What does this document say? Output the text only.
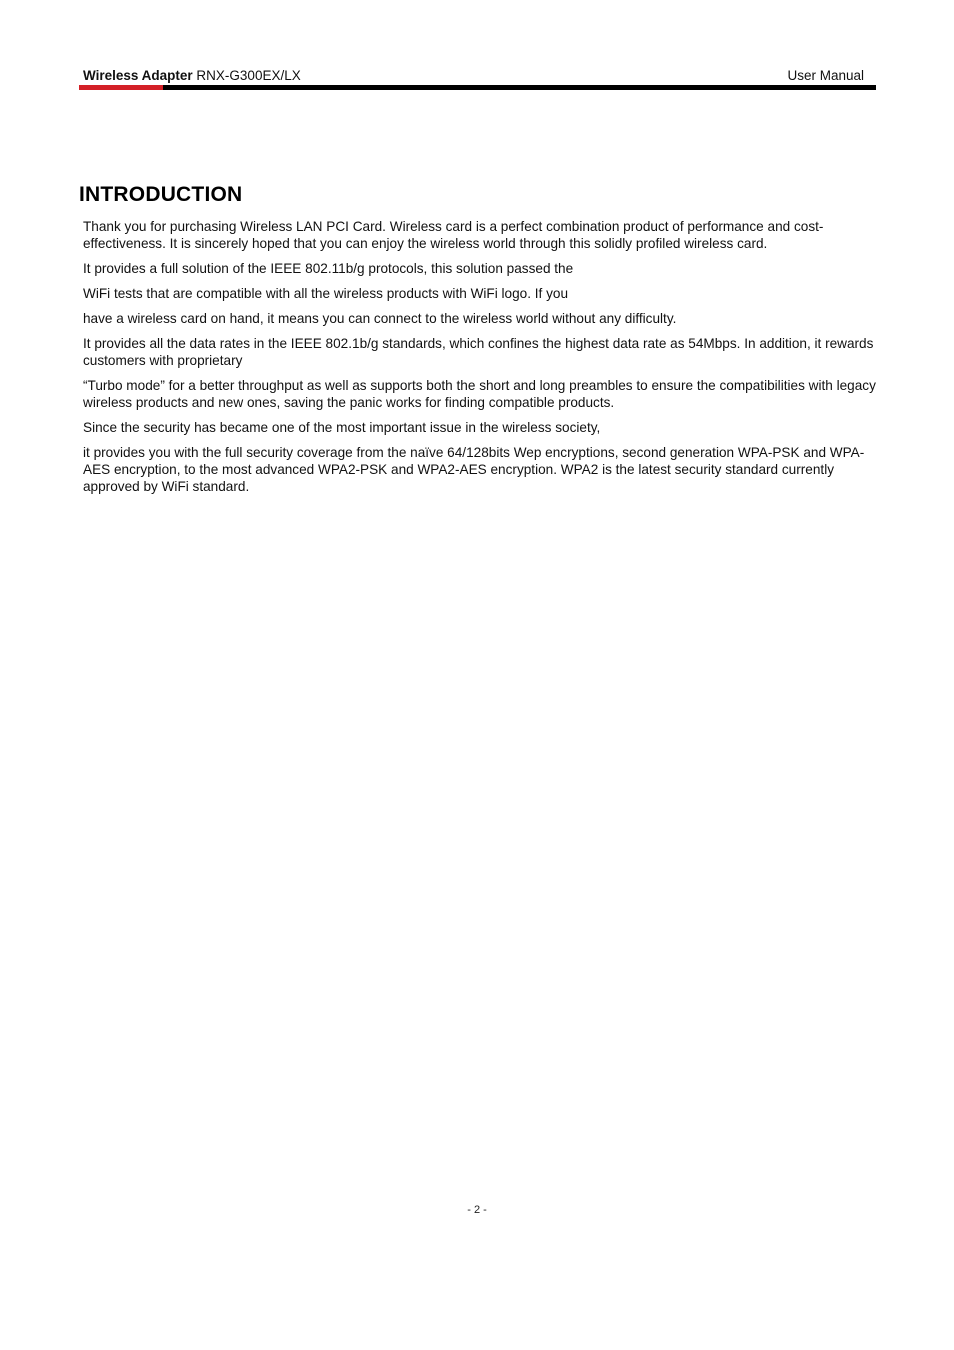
Wireless Adapter RNX-G300EX/LX	User Manual
INTRODUCTION

Thank you for purchasing Wireless LAN PCI Card. Wireless card is a perfect combination product of performance and cost-effectiveness. It is sincerely hoped that you can enjoy the wireless world through this solidly profiled wireless card.

It provides a full solution of the IEEE 802.11b/g protocols, this solution passed the

WiFi tests that are compatible with all the wireless products with WiFi logo. If you

have a wireless card on hand, it means you can connect to the wireless world without any difficulty.

It provides all the data rates in the IEEE 802.1b/g standards, which confines the highest data rate as 54Mbps. In addition, it rewards customers with proprietary

“Turbo mode” for a better throughput as well as supports both the short and long preambles to ensure the compatibilities with legacy wireless products and new ones, saving the panic works for finding compatible products.

Since the security has became one of the most important issue in the wireless society,

it provides you with the full security coverage from the naïve 64/128bits Wep encryptions, second generation WPA-PSK and WPA-AES encryption, to the most advanced WPA2-PSK and WPA2-AES encryption. WPA2 is the latest security standard currently approved by WiFi standard.

- 2 -
